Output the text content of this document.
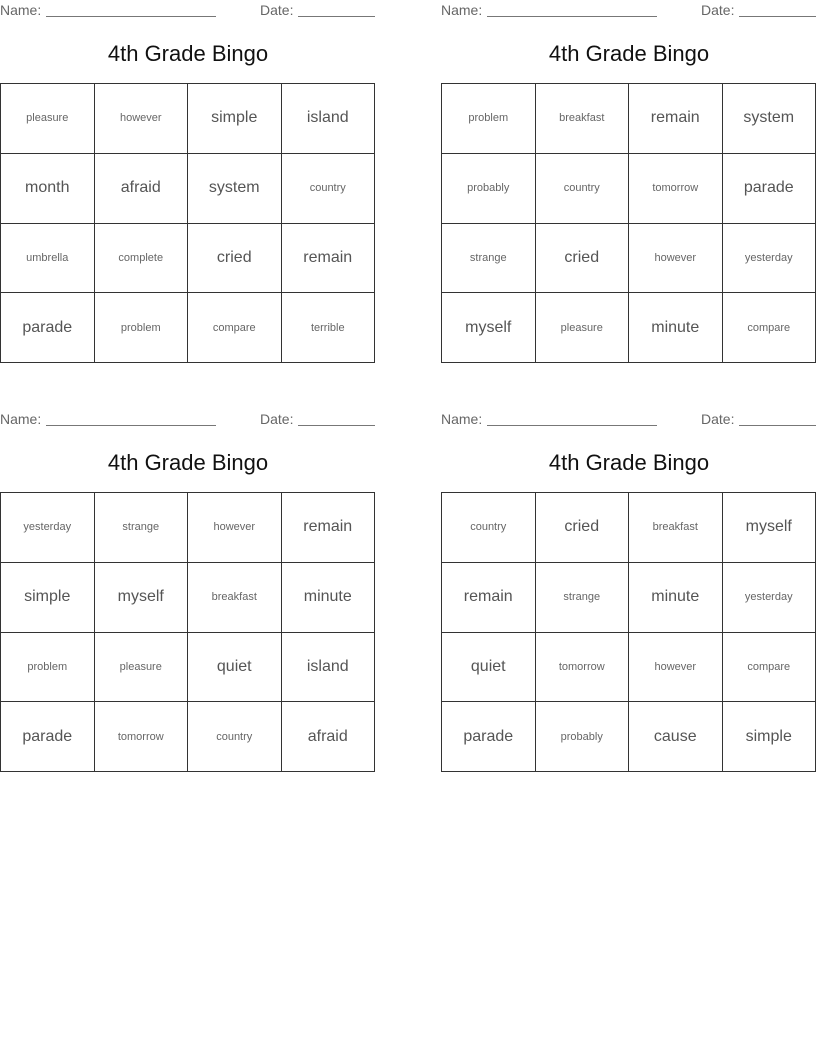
Name:	Date:
4th Grade Bingo
pleasure	however	simple	island
month	afraid	system	country
umbrella	complete	cried	remain
parade	problem	compare	terrible
Name:	Date:
4th Grade Bingo
problem	breakfast	remain	system
probably	country	tomorrow	parade
strange	cried	however	yesterday
myself	pleasure	minute	compare
Name:	Date:
4th Grade Bingo
yesterday	strange	however	remain
simple	myself	breakfast	minute
problem	pleasure	quiet	island
parade	tomorrow	country	afraid
Name:	Date:
4th Grade Bingo
country	cried	breakfast	myself
remain	strange	minute	yesterday
quiet	tomorrow	however	compare
parade	probably	cause	simple
